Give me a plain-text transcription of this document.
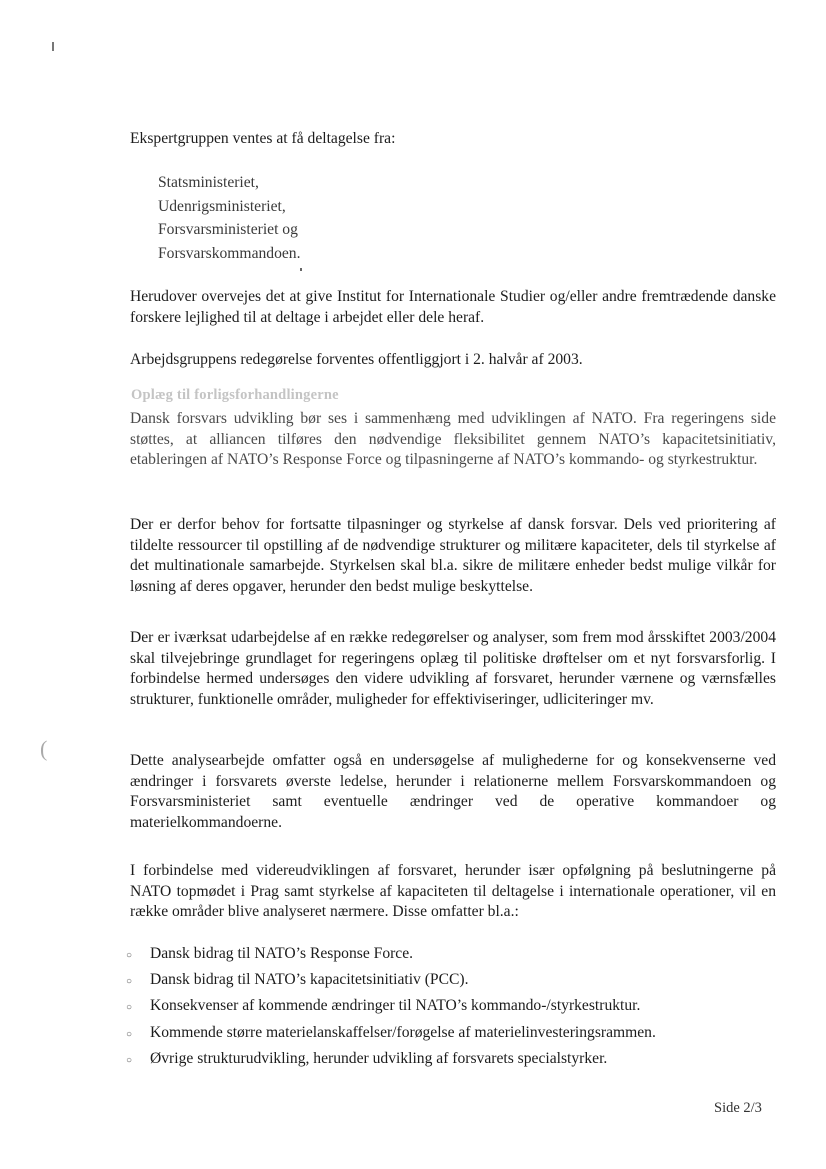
Ekspertgruppen ventes at få deltagelse fra:

Statsministeriet,
Udenrigsministeriet,
Forsvarsministeriet og
Forsvarskommandoen.

Herudover overvejes det at give Institut for Internationale Studier og/eller andre fremtrædende danske forskere lejlighed til at deltage i arbejdet eller dele heraf.

Arbejdsgruppens redegørelse forventes offentliggjort i 2. halvår af 2003.

Oplæg til forligsforhandlingerne

Dansk forsvars udvikling bør ses i sammenhæng med udviklingen af NATO. Fra regeringens side støttes, at alliancen tilføres den nødvendige fleksibilitet gennem NATO’s kapacitetsinitiativ, etableringen af NATO’s Response Force og tilpasningerne af NATO’s kommando- og styrkestruktur.

Der er derfor behov for fortsatte tilpasninger og styrkelse af dansk forsvar. Dels ved prioritering af tildelte ressourcer til opstilling af de nødvendige strukturer og militære kapaciteter, dels til styrkelse af det multinationale samarbejde. Styrkelsen skal bl.a. sikre de militære enheder bedst mulige vilkår for løsning af deres opgaver, herunder den bedst mulige beskyttelse.

Der er iværksat udarbejdelse af en række redegørelser og analyser, som frem mod årsskiftet 2003/2004 skal tilvejebringe grundlaget for regeringens oplæg til politiske drøftelser om et nyt forsvarsforlig. I forbindelse hermed undersøges den videre udvikling af forsvaret, herunder værnene og værnsfælles strukturer, funktionelle områder, muligheder for effektiviseringer, udliciteringer mv.

(	Dette analysearbejde omfatter også en undersøgelse af mulighederne for og konsekvenserne ved ændringer i forsvarets øverste ledelse, herunder i relationerne mellem Forsvarskommandoen og Forsvarsministeriet samt eventuelle ændringer ved de operative kommandoer og materielkommandoerne.

I forbindelse med videreudviklingen af forsvaret, herunder især opfølgning på beslutningerne på NATO topmødet i Prag samt styrkelse af kapaciteten til deltagelse i internationale operationer, vil en række områder blive analyseret nærmere. Disse omfatter bl.a.:

○	Dansk bidrag til NATO’s Response Force.
○	Dansk bidrag til NATO’s kapacitetsinitiativ (PCC).
○	Konsekvenser af kommende ændringer til NATO’s kommando-/styrkestruktur.
○	Kommende større materielanskaffelser/forøgelse af materielinvesteringsrammen.
○	Øvrige strukturudvikling, herunder udvikling af forsvarets specialstyrker.
Side 2/3
